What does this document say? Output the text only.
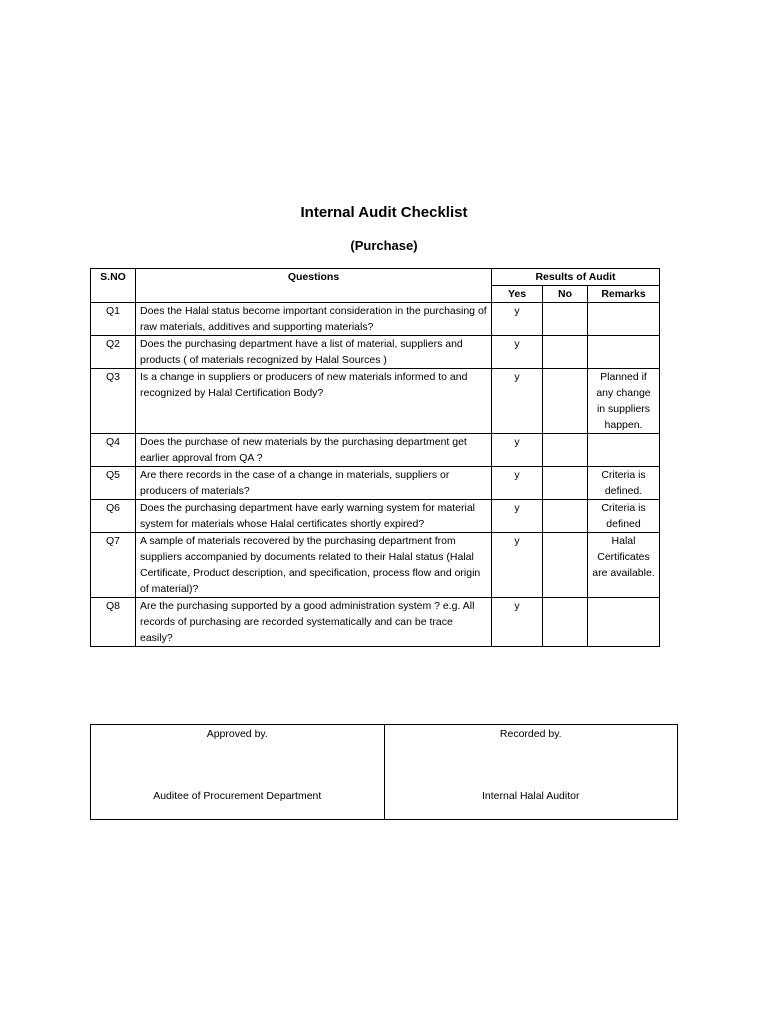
Internal Audit Checklist
(Purchase)
S.NO	Questions	Results of Audit		
		Yes	No	Remarks
Q1	Does the Halal status become important consideration in the purchasing of raw materials, additives and supporting materials?	y		
Q2	Does the purchasing department have a list of material, suppliers and products ( of materials recognized by Halal Sources )	y		
Q3	Is a change in suppliers or producers of new materials informed to and recognized by Halal Certification Body?	y		Planned if any change in suppliers happen.
Q4	Does the purchase of new materials by the purchasing department get earlier approval from QA ?	y		
Q5	Are there records in the case of a change in materials, suppliers or producers of materials?	y		Criteria is defined.
Q6	Does the purchasing department have early warning system for material system for materials whose Halal certificates shortly expired?	y		Criteria is defined
Q7	A sample of materials recovered by the purchasing department from suppliers accompanied by documents related to their Halal status (Halal Certificate, Product description, and specification, process flow and origin of material)?	y		Halal Certificates are available.
Q8	Are the purchasing supported by a good administration system ? e.g. All records of purchasing are recorded systematically and can be trace easily?	y		
Approved by.
Auditee of Procurement Department

Recorded by.
Internal Halal Auditor
